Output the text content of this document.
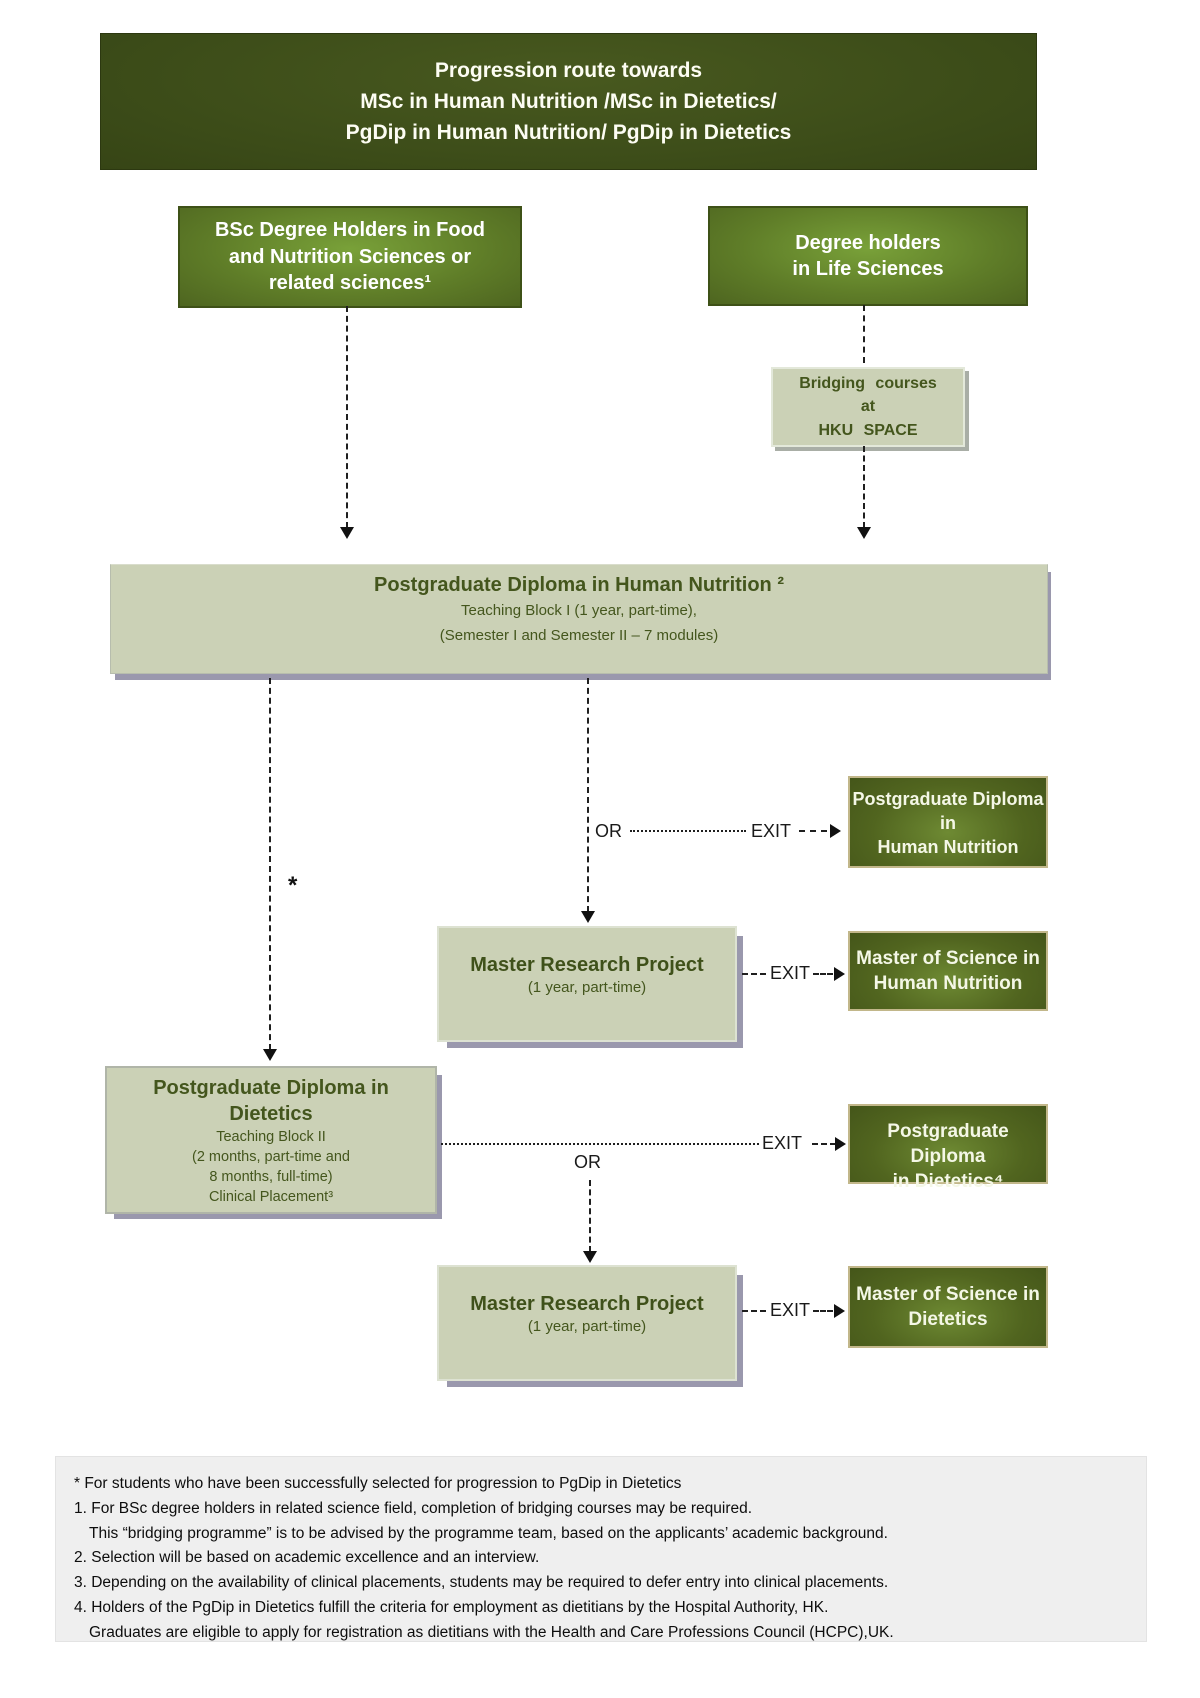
Progression route towards
MSc in Human Nutrition /MSc in Dietetics/
PgDip in Human Nutrition/ PgDip in Dietetics
BSc Degree Holders in Food
and Nutrition Sciences or
related sciences¹
Degree holders
in Life Sciences
Bridging courses
at
HKU SPACE
Postgraduate Diploma in Human Nutrition ²
Teaching Block I (1 year, part-time),
(Semester I and Semester II – 7 modules)
*
OR	EXIT
Postgraduate Diploma
in
Human Nutrition
Master Research Project
(1 year, part-time)
EXIT
Master of Science in
Human Nutrition
Postgraduate Diploma in
Dietetics
Teaching Block II
(2 months, part-time and
8 months, full-time)
Clinical Placement³
EXIT
Postgraduate Diploma
in Dietetics⁴
OR
Master Research Project
(1 year, part-time)
EXIT
Master of Science in
Dietetics
* For students who have been successfully selected for progression to PgDip in Dietetics
1. For BSc degree holders in related science field, completion of bridging courses may be required.
This “bridging programme” is to be advised by the programme team, based on the applicants’ academic background.
2. Selection will be based on academic excellence and an interview.
3. Depending on the availability of clinical placements, students may be required to defer entry into clinical placements.
4. Holders of the PgDip in Dietetics fulfill the criteria for employment as dietitians by the Hospital Authority, HK.
Graduates are eligible to apply for registration as dietitians with the Health and Care Professions Council (HCPC),UK.
